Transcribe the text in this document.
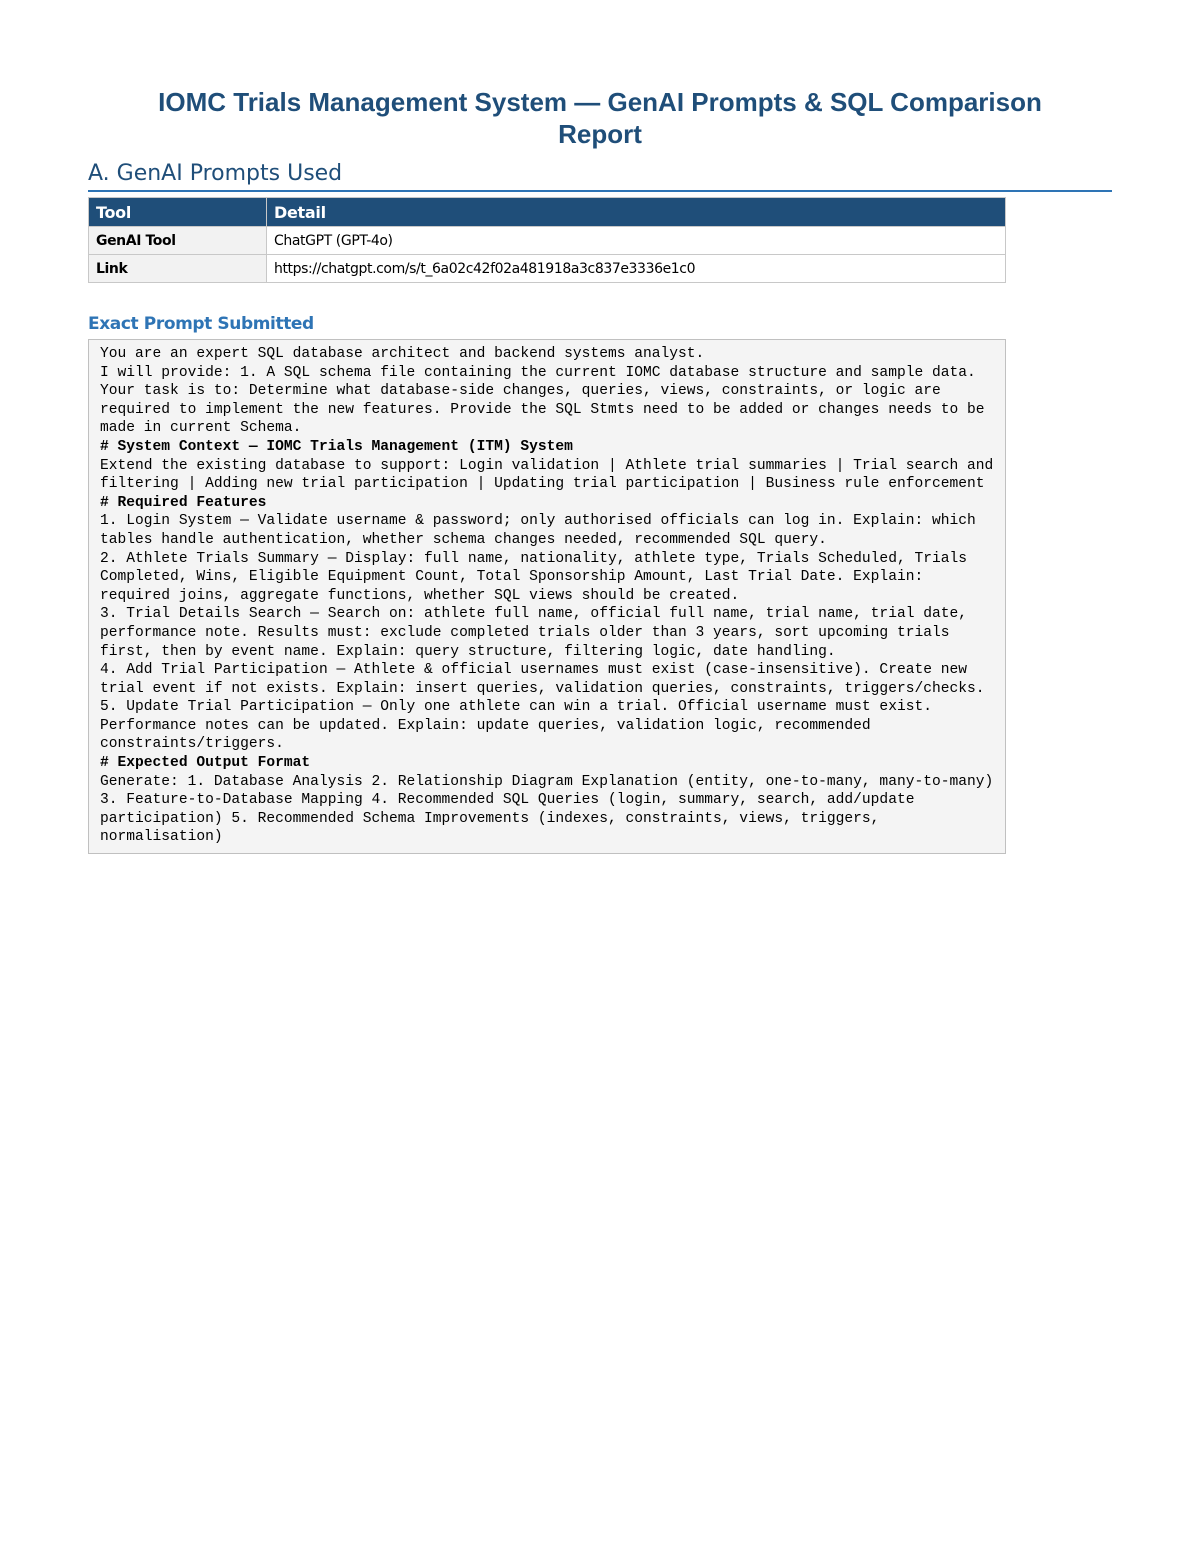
IOMC Trials Management System — GenAI Prompts & SQL Comparison Report
A. GenAI Prompts Used
Tool	Detail
GenAI Tool	ChatGPT (GPT-4o)
Link	https://chatgpt.com/s/t_6a02c42f02a481918a3c837e3336e1c0
Exact Prompt Submitted

You are an expert SQL database architect and backend systems analyst.

I will provide: 1. A SQL schema file containing the current IOMC database structure and sample data.

Your task is to: Determine what database-side changes, queries, views, constraints, or logic are required to implement the new features. Provide the SQL Stmts need to be added or changes needs to be made in current Schema.

# System Context — IOMC Trials Management (ITM) System

Extend the existing database to support: Login validation | Athlete trial summaries | Trial search and filtering | Adding new trial participation | Updating trial participation | Business rule enforcement

# Required Features

1. Login System — Validate username & password; only authorised officials can log in. Explain: which tables handle authentication, whether schema changes needed, recommended SQL query.

2. Athlete Trials Summary — Display: full name, nationality, athlete type, Trials Scheduled, Trials Completed, Wins, Eligible Equipment Count, Total Sponsorship Amount, Last Trial Date. Explain: required joins, aggregate functions, whether SQL views should be created.

3. Trial Details Search — Search on: athlete full name, official full name, trial name, trial date, performance note. Results must: exclude completed trials older than 3 years, sort upcoming trials first, then by event name. Explain: query structure, filtering logic, date handling.

4. Add Trial Participation — Athlete & official usernames must exist (case-insensitive). Create new trial event if not exists. Explain: insert queries, validation queries, constraints, triggers/checks.

5. Update Trial Participation — Only one athlete can win a trial. Official username must exist. Performance notes can be updated. Explain: update queries, validation logic, recommended constraints/triggers.

# Expected Output Format

Generate: 1. Database Analysis 2. Relationship Diagram Explanation (entity, one-to-many, many-to-many) 3. Feature-to-Database Mapping 4. Recommended SQL Queries (login, summary, search, add/update participation) 5. Recommended Schema Improvements (indexes, constraints, views, triggers, normalisation)
